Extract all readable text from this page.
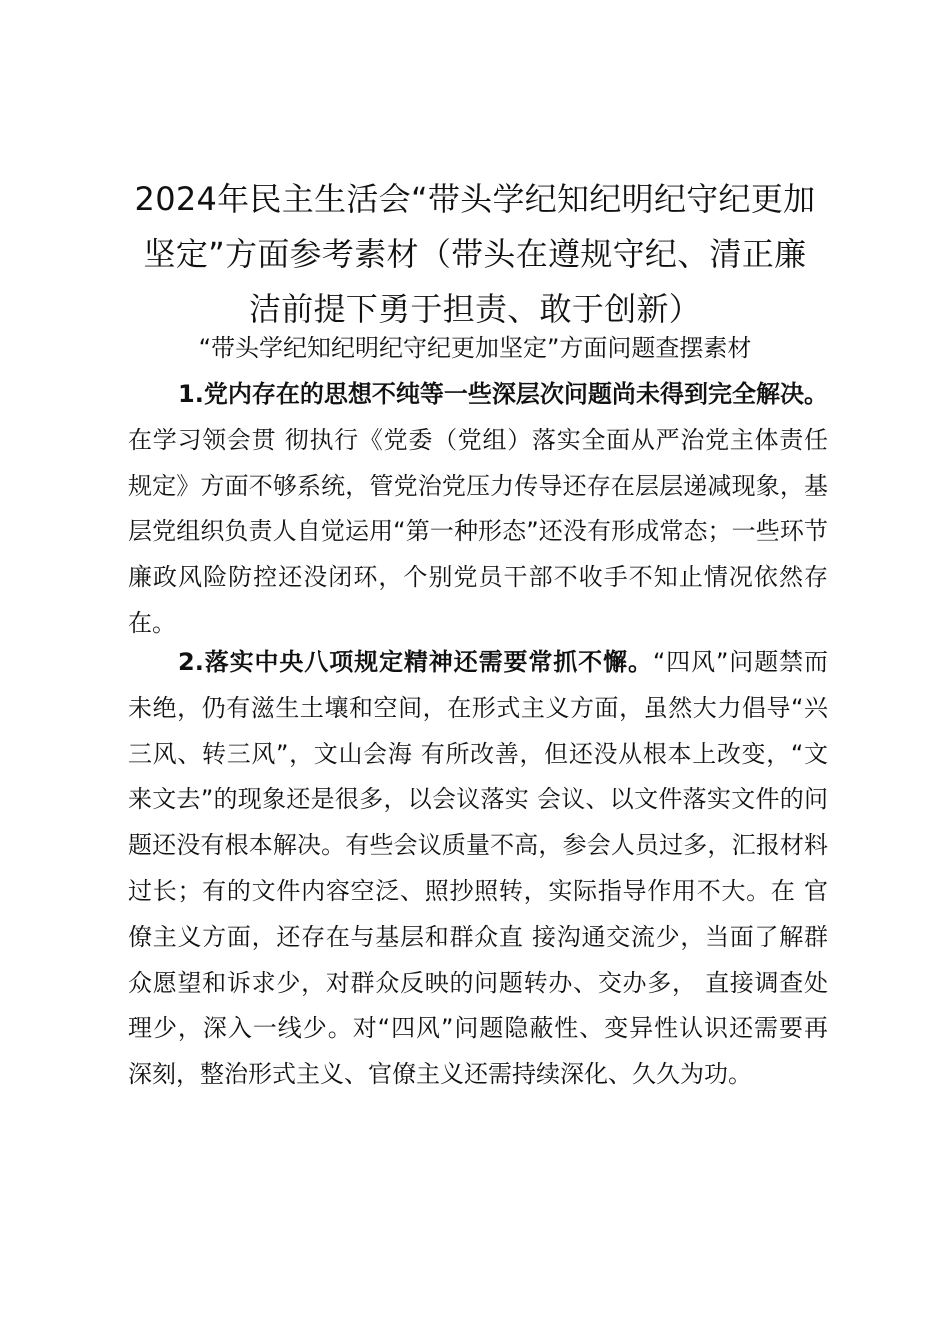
2024年民主生活会“带头学纪知纪明纪守纪更加坚定”方面参考素材（带头在遵规守纪、清正廉洁前提下勇于担责、敢于创新）

“带头学纪知纪明纪守纪更加坚定”方面问题查摆素材

1.党内存在的思想不纯等一些深层次问题尚未得到完全解决。在学习领会贯 彻执行《党委（党组）落实全面从严治党主体责任规定》方面不够系统，管党治党压力传导还存在层层递减现象，基层党组织负责人自觉运用“第一种形态”还没有形成常态；一些环节廉政风险防控还没闭环，个别党员干部不收手不知止情况依然存在。

2.落实中央八项规定精神还需要常抓不懈。“四风”问题禁而未绝，仍有滋生土壤和空间，在形式主义方面，虽然大力倡导“兴三风、转三风”，文山会海 有所改善，但还没从根本上改变，“文来文去”的现象还是很多，以会议落实 会议、以文件落实文件的问题还没有根本解决。有些会议质量不高，参会人员过多，汇报材料过长；有的文件内容空泛、照抄照转，实际指导作用不大。在 官僚主义方面，还存在与基层和群众直 接沟通交流少，当面了解群众愿望和诉求少，对群众反映的问题转办、交办多， 直接调查处理少，深入一线少。对“四风”问题隐蔽性、变异性认识还需要再 深刻，整治形式主义、官僚主义还需持续深化、久久为功。
